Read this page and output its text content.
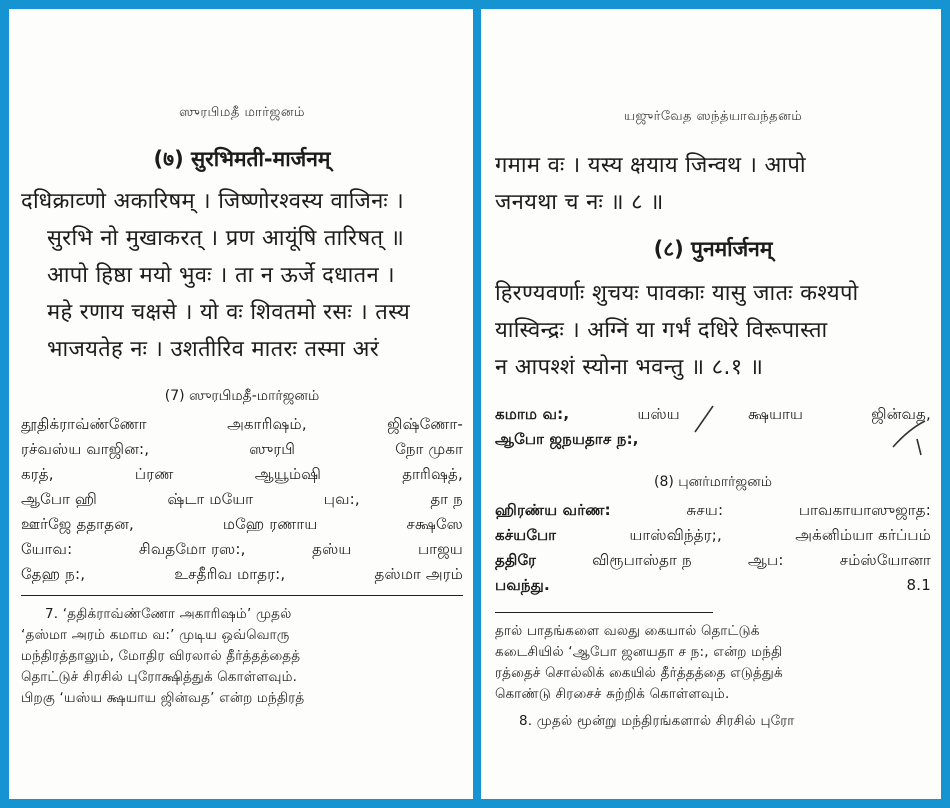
ஸுரபிமதீ மார்ஜனம்
(७) सुरभिमती-मार्जनम्
दधिक्राव्णो अकारिषम् । जिष्णोरश्वस्य वाजिनः ।
सुरभि नो मुखाकरत् । प्रण आयूंषि तारिषत् ॥
आपो हिष्ठा मयो भुवः । ता न ऊर्जे दधातन ।
महे रणाय चक्षसे । यो वः शिवतमो रसः । तस्य
भाजयतेह नः । उशतीरिव मातरः तस्मा अरं
(7) ஸுரபிமதீ-மார்ஜனம்
தூதிக்ராவ்ண்ணோ	அகாரிஷம்,	ஜிஷ்ணோ-
ரச்வஸ்ய வாஜின:,	ஸுரபி	நோ முகா
கரத்,	ப்ரண	ஆயூம்ஷி	தாரிஷத்,
ஆபோ ஹி	ஷ்டா மயோ	புவ:,	தா ந
ஊர்ஜே ததாதன,	மஹே ரணாய	சக்ஷஸே
யோவ:	சிவதமோ ரஸ:,	தஸ்ய	பாஜய
தேஹ ந:,	உசதீரிவ மாதர:,	தஸ்மா அரம்
7. ‘ததிக்ராவ்ண்ணோ அகாரிஷம்’ முதல்
‘தஸ்மா அரம் கமாம வ:’ முடிய ஒவ்வொரு
மந்திரத்தாலும், மோதிர விரலால் தீர்த்தத்தைத்
தொட்டுச் சிரசில் புரோக்ஷித்துக் கொள்ளவும்.
பிறகு ‘யஸ்ய க்ஷயாய ஜின்வத’ என்ற மந்திரத்
யஜுர்வேத ஸந்த்யாவந்தனம்
गमाम वः । यस्य क्षयाय जिन्वथ । आपो
जनयथा च नः ॥ ८ ॥
(८) पुनर्मार्जनम्
हिरण्यवर्णाः शुचयः पावकाः यासु जातः कश्यपो
यास्विन्द्रः । अग्निं या गर्भं दधिरे विरूपास्ता
न आपश्शं स्योना भवन्तु ॥ ८.१ ॥
கமாம வ:,	யஸ்ய	க்ஷயாய	ஜின்வத,
ஆபோ ஜநயதாச ந:,
(8) புனர்மார்ஜனம்
ஹிரண்ய வர்ண:	சுசய:	பாவகாயாஸுஜாத:
கச்யபோ	யாஸ்விந்த்ர;,	அக்னிம்யா கர்ப்பம்
ததிரே	விரூபாஸ்தா ந	ஆப:	சம்ஸ்யோனா
பவந்து.	8.1
தால் பாதங்களை வலது கையால் தொட்டுக்
கடைசியில் ‘ஆபோ ஜனயதா ச ந:, என்ற மந்தி
ரத்தைச் சொல்லிக் கையில் தீர்த்தத்தை எடுத்துக்
கொண்டு சிரசைச் சுற்றிக் கொள்ளவும்.
8. முதல் மூன்று மந்திரங்களால் சிரசில் புரோ
